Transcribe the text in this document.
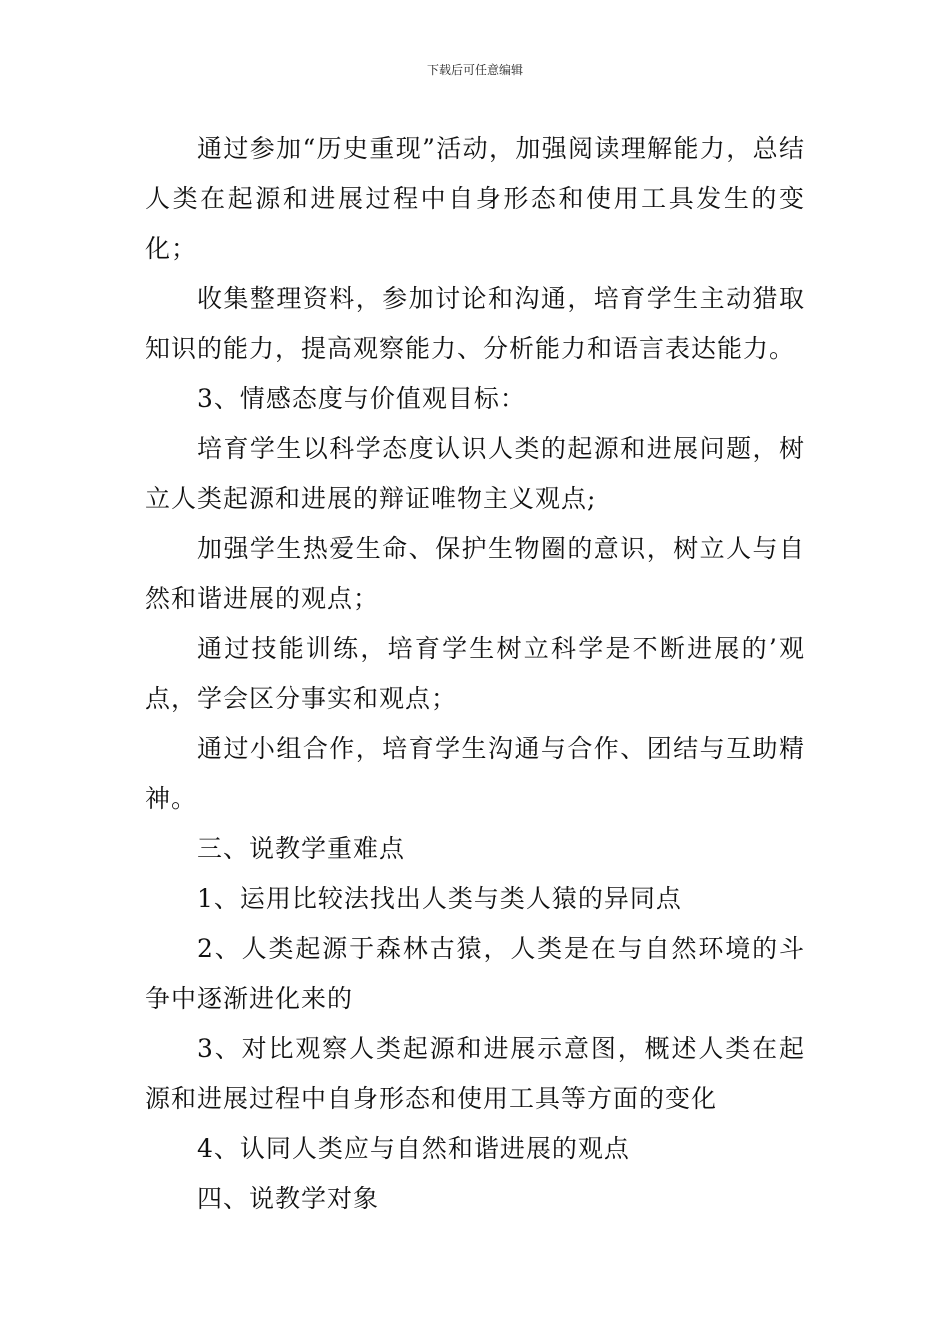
下载后可任意编辑

通过参加“历史重现”活动，加强阅读理解能力，总结人类在起源和进展过程中自身形态和使用工具发生的变化；

收集整理资料，参加讨论和沟通，培育学生主动猎取知识的能力，提高观察能力、分析能力和语言表达能力。

3、情感态度与价值观目标：

培育学生以科学态度认识人类的起源和进展问题，树立人类起源和进展的辩证唯物主义观点;

加强学生热爱生命、保护生物圈的意识，树立人与自然和谐进展的观点；

通过技能训练，培育学生树立科学是不断进展的’观点，学会区分事实和观点；

通过小组合作，培育学生沟通与合作、团结与互助精神。

三、说教学重难点

1、运用比较法找出人类与类人猿的异同点

2、人类起源于森林古猿，人类是在与自然环境的斗争中逐渐进化来的

3、对比观察人类起源和进展示意图，概述人类在起源和进展过程中自身形态和使用工具等方面的变化

4、认同人类应与自然和谐进展的观点

四、说教学对象
